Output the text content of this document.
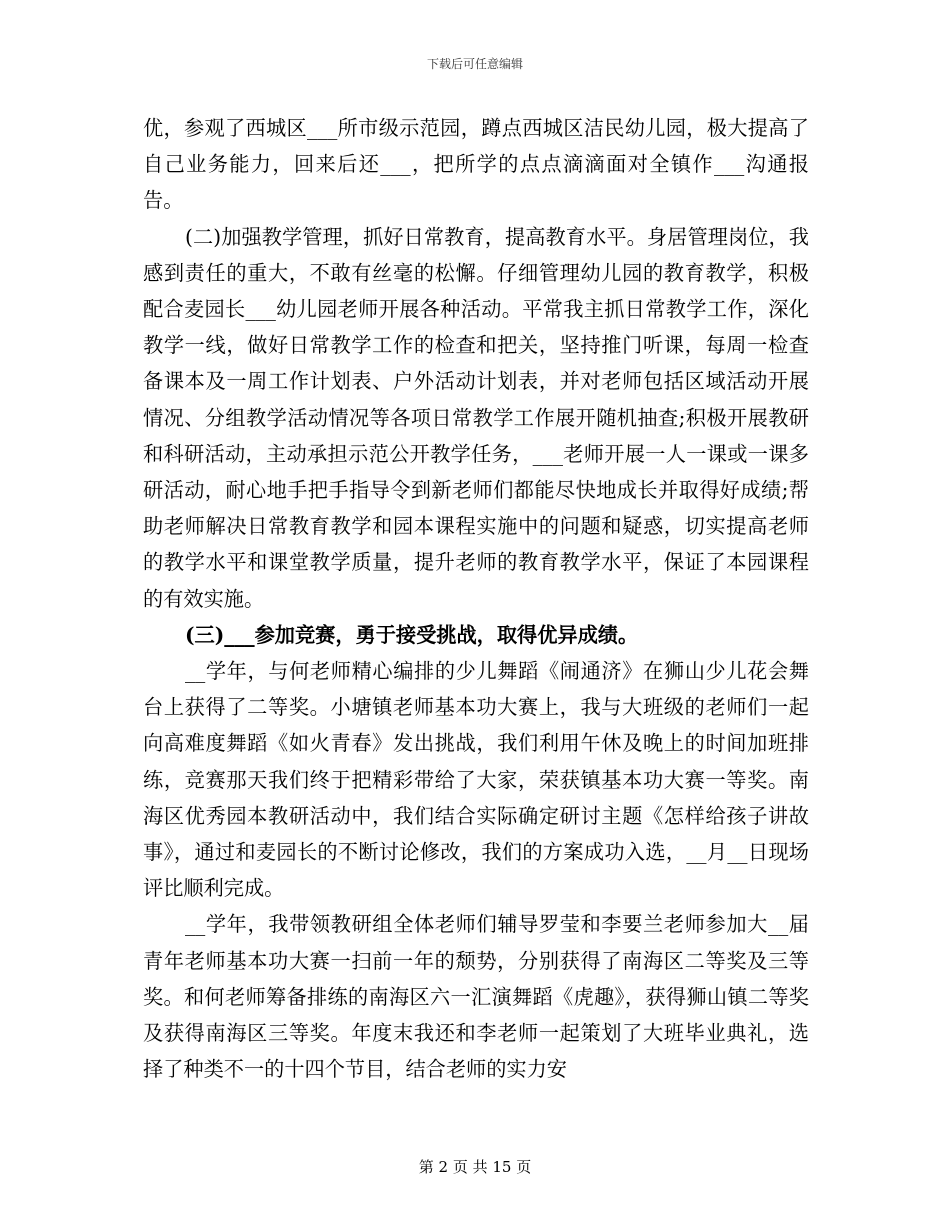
下载后可任意编辑

优，参观了西城区___所市级示范园，蹲点西城区洁民幼儿园，极大提高了自己业务能力，回来后还___，把所学的点点滴滴面对全镇作___沟通报告。

(二)加强教学管理，抓好日常教育，提高教育水平。身居管理岗位，我感到责任的重大，不敢有丝毫的松懈。仔细管理幼儿园的教育教学，积极配合麦园长___幼儿园老师开展各种活动。平常我主抓日常教学工作，深化教学一线，做好日常教学工作的检查和把关，坚持推门听课，每周一检查备课本及一周工作计划表、户外活动计划表，并对老师包括区域活动开展情况、分组教学活动情况等各项日常教学工作展开随机抽查;积极开展教研和科研活动，主动承担示范公开教学任务，___老师开展一人一课或一课多研活动，耐心地手把手指导令到新老师们都能尽快地成长并取得好成绩;帮助老师解决日常教育教学和园本课程实施中的问题和疑惑，切实提高老师的教学水平和课堂教学质量，提升老师的教育教学水平，保证了本园课程的有效实施。

(三)___参加竞赛，勇于接受挑战，取得优异成绩。

__学年，与何老师精心编排的少儿舞蹈《闹通济》在狮山少儿花会舞台上获得了二等奖。小塘镇老师基本功大赛上，我与大班级的老师们一起向高难度舞蹈《如火青春》发出挑战，我们利用午休及晚上的时间加班排练，竞赛那天我们终于把精彩带给了大家，荣获镇基本功大赛一等奖。南海区优秀园本教研活动中，我们结合实际确定研讨主题《怎样给孩子讲故事》，通过和麦园长的不断讨论修改，我们的方案成功入选，__月__日现场评比顺利完成。

__学年，我带领教研组全体老师们辅导罗莹和李要兰老师参加大__届青年老师基本功大赛一扫前一年的颓势，分别获得了南海区二等奖及三等奖。和何老师筹备排练的南海区六一汇演舞蹈《虎趣》，获得狮山镇二等奖及获得南海区三等奖。年度末我还和李老师一起策划了大班毕业典礼，选择了种类不一的十四个节目，结合老师的实力安

第 2 页 共 15 页
